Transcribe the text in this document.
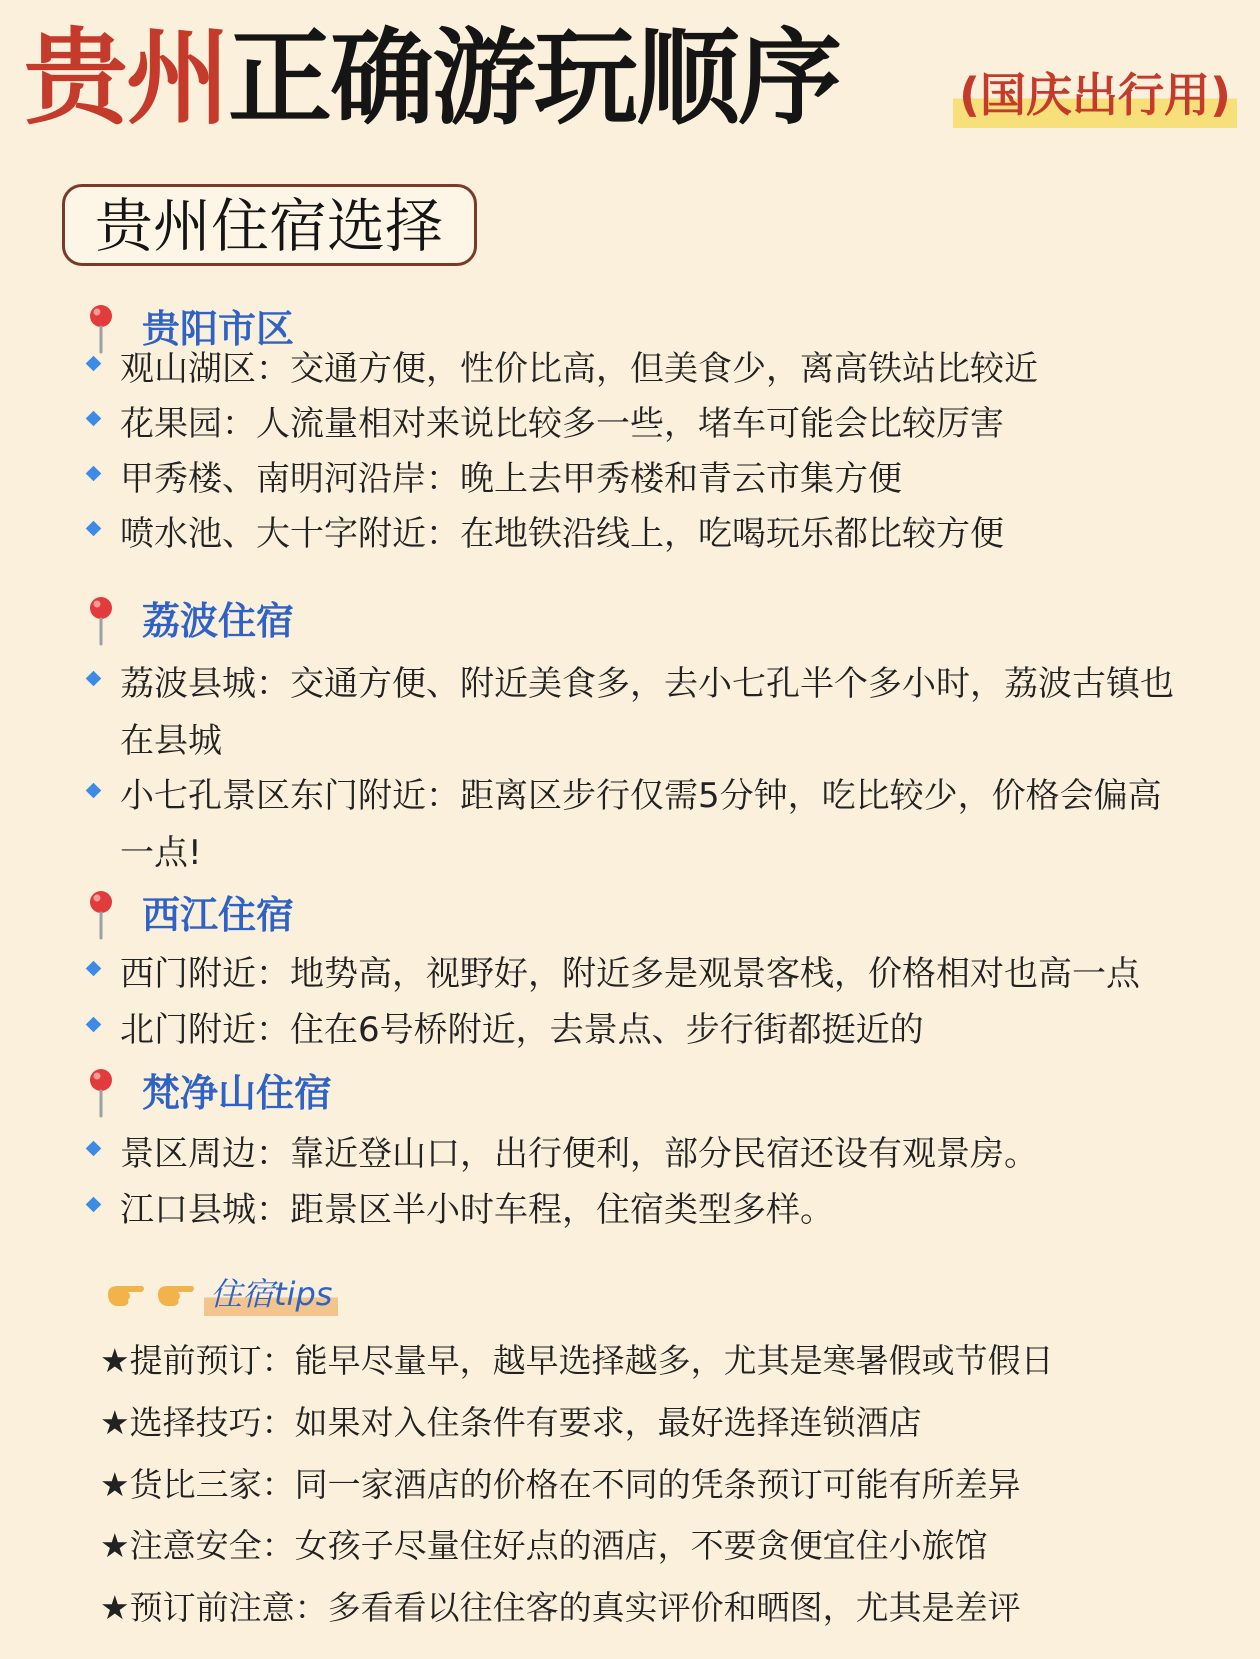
贵州正确游玩顺序	(国庆出行用)
贵州住宿选择
贵阳市区
观山湖区：交通方便，性价比高，但美食少，离高铁站比较近
花果园：人流量相对来说比较多一些，堵车可能会比较厉害
甲秀楼、南明河沿岸：晚上去甲秀楼和青云市集方便
喷水池、大十字附近：在地铁沿线上，吃喝玩乐都比较方便
荔波住宿
荔波县城：交通方便、附近美食多，去小七孔半个多小时，荔波古镇也在县城
小七孔景区东门附近：距离区步行仅需5分钟，吃比较少，价格会偏高一点!
西江住宿
西门附近：地势高，视野好，附近多是观景客栈，价格相对也高一点
北门附近：住在6号桥附近，去景点、步行街都挺近的
梵净山住宿
景区周边：靠近登山口，出行便利，部分民宿还设有观景房。
江口县城：距景区半小时车程，住宿类型多样。
住宿tips
★提前预订：能早尽量早，越早选择越多，尤其是寒暑假或节假日
★选择技巧：如果对入住条件有要求，最好选择连锁酒店
★货比三家：同一家酒店的价格在不同的凭条预订可能有所差异
★注意安全：女孩子尽量住好点的酒店，不要贪便宜住小旅馆
★预订前注意：多看看以往住客的真实评价和晒图，尤其是差评
